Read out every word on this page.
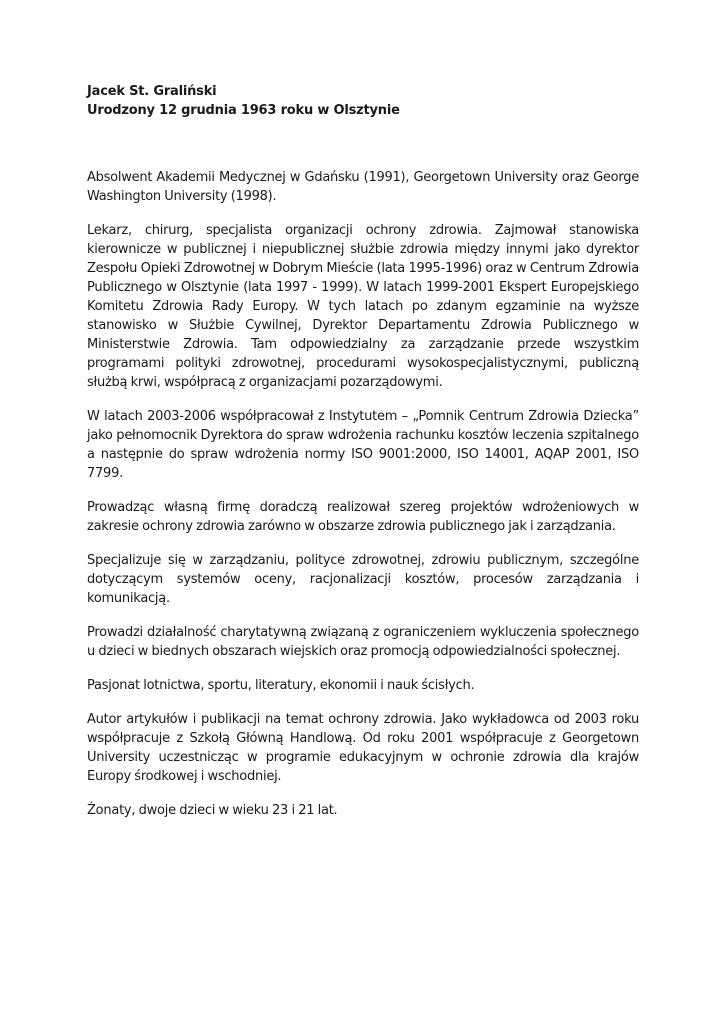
Jacek St. Graliński

Urodzony 12 grudnia 1963 roku w Olsztynie

Absolwent Akademii Medycznej w Gdańsku (1991), Georgetown University oraz George Washington University (1998).

Lekarz, chirurg, specjalista organizacji ochrony zdrowia. Zajmował stanowiska kierownicze w publicznej i niepublicznej służbie zdrowia między innymi jako dyrektor Zespołu Opieki Zdrowotnej w Dobrym Mieście (lata 1995-1996) oraz w Centrum Zdrowia Publicznego w Olsztynie (lata 1997 - 1999). W latach 1999-2001 Ekspert Europejskiego Komitetu Zdrowia Rady Europy. W tych latach po zdanym egzaminie na wyższe stanowisko w Służbie Cywilnej, Dyrektor Departamentu Zdrowia Publicznego w Ministerstwie Zdrowia. Tam odpowiedzialny za zarządzanie przede wszystkim programami polityki zdrowotnej, procedurami wysokospecjalistycznymi, publiczną służbą krwi, współpracą z organizacjami pozarządowymi.

W latach 2003-2006 współpracował z Instytutem – „Pomnik Centrum Zdrowia Dziecka” jako pełnomocnik Dyrektora do spraw wdrożenia rachunku kosztów leczenia szpitalnego a następnie do spraw wdrożenia normy ISO 9001:2000, ISO 14001, AQAP 2001, ISO 7799.

Prowadząc własną firmę doradczą realizował szereg projektów wdrożeniowych w zakresie ochrony zdrowia zarówno w obszarze zdrowia publicznego jak i zarządzania.

Specjalizuje się w zarządzaniu, polityce zdrowotnej, zdrowiu publicznym, szczególne dotyczącym systemów oceny, racjonalizacji kosztów, procesów zarządzania i komunikacją.

Prowadzi działalność charytatywną związaną z ograniczeniem wykluczenia społecznego u dzieci w biednych obszarach wiejskich oraz promocją odpowiedzialności społecznej.

Pasjonat lotnictwa, sportu, literatury, ekonomii i nauk ścisłych.

Autor artykułów i publikacji na temat ochrony zdrowia. Jako wykładowca od 2003 roku współpracuje z Szkołą Główną Handlową. Od roku 2001 współpracuje z Georgetown University uczestnicząc w programie edukacyjnym w ochronie zdrowia dla krajów Europy środkowej i wschodniej.

Żonaty, dwoje dzieci w wieku 23 i 21 lat.
